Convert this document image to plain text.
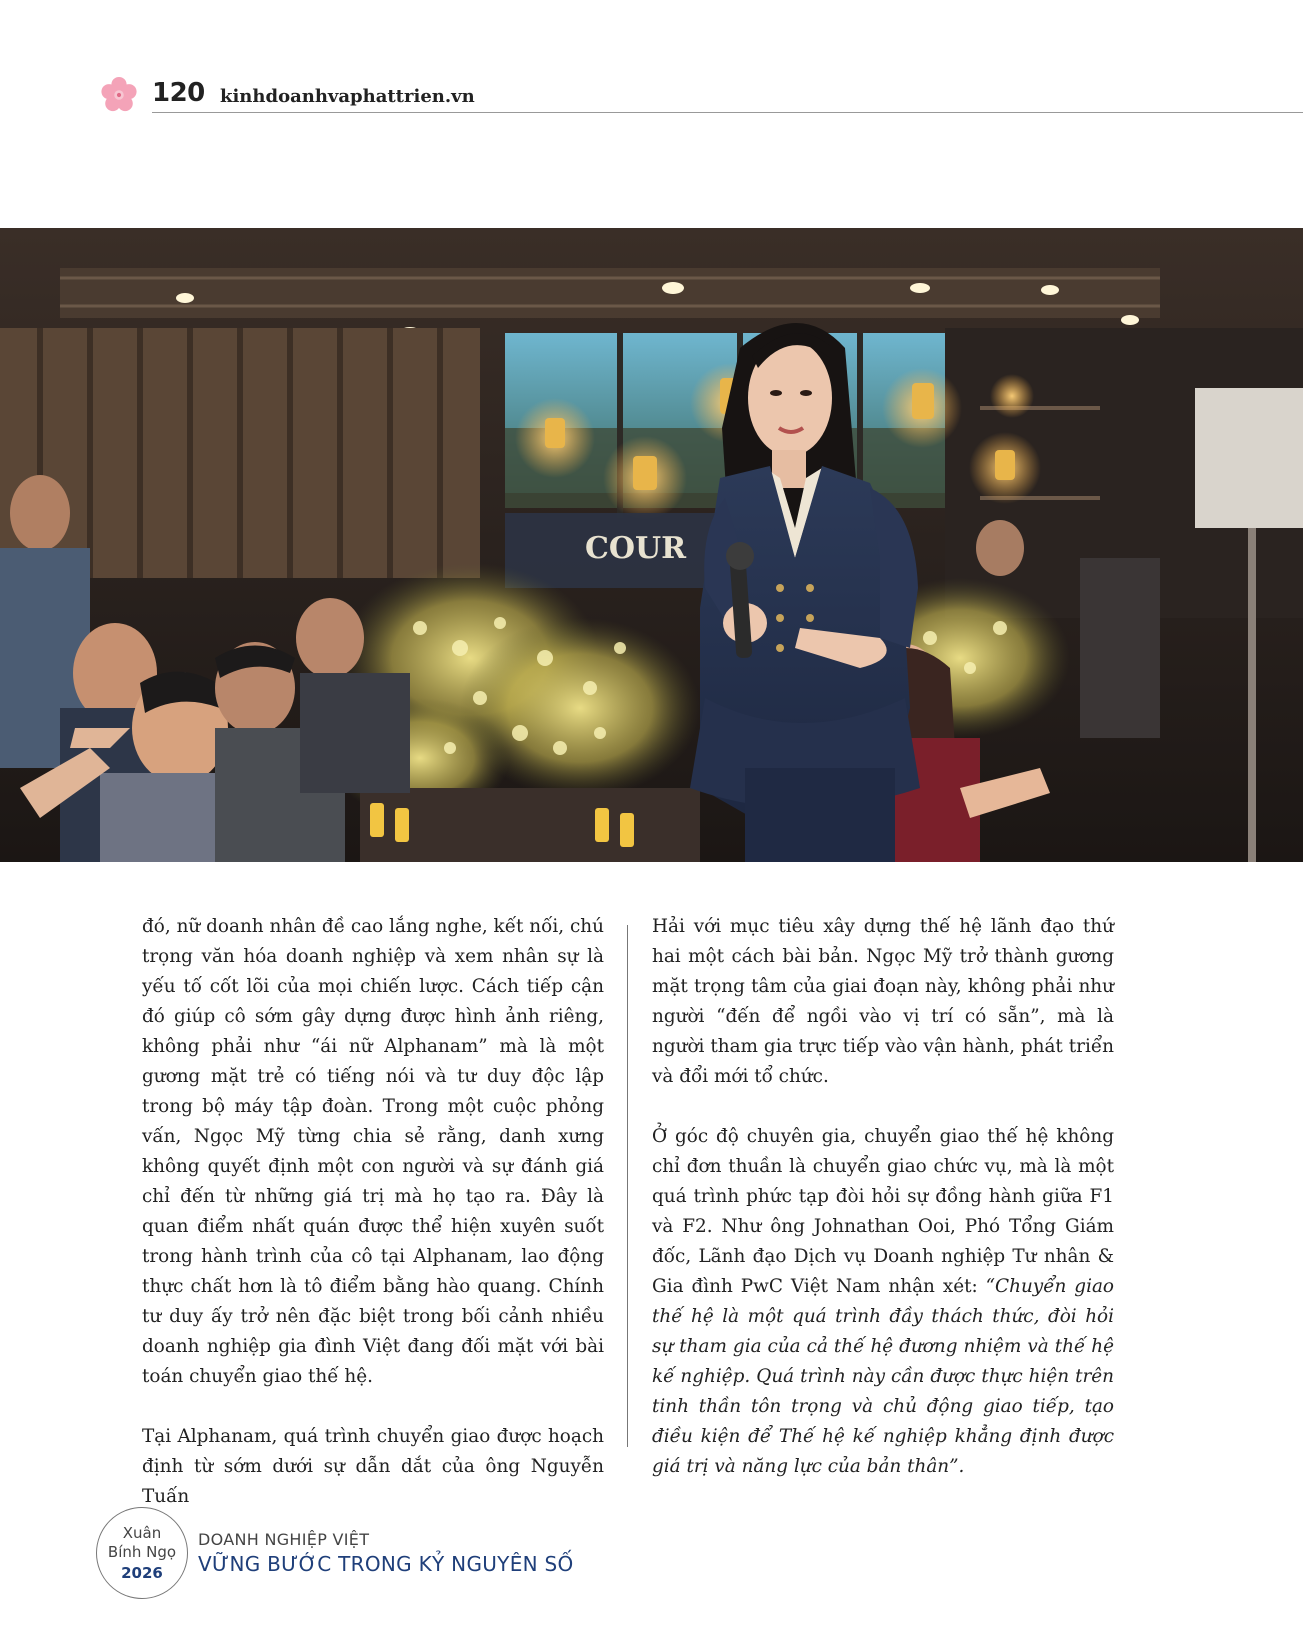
120 kinhdoanhvaphattrien.vn
COUR

đó, nữ doanh nhân đề cao lắng nghe, kết nối, chú trọng văn hóa doanh nghiệp và xem nhân sự là yếu tố cốt lõi của mọi chiến lược. Cách tiếp cận đó giúp cô sớm gây dựng được hình ảnh riêng, không phải như “ái nữ Alphanam” mà là một gương mặt trẻ có tiếng nói và tư duy độc lập trong bộ máy tập đoàn. Trong một cuộc phỏng vấn, Ngọc Mỹ từng chia sẻ rằng, danh xưng không quyết định một con người và sự đánh giá chỉ đến từ những giá trị mà họ tạo ra. Đây là quan điểm nhất quán được thể hiện xuyên suốt trong hành trình của cô tại Alphanam, lao động thực chất hơn là tô điểm bằng hào quang. Chính tư duy ấy trở nên đặc biệt trong bối cảnh nhiều doanh nghiệp gia đình Việt đang đối mặt với bài toán chuyển giao thế hệ.

Tại Alphanam, quá trình chuyển giao được hoạch định từ sớm dưới sự dẫn dắt của ông Nguyễn Tuấn

Hải với mục tiêu xây dựng thế hệ lãnh đạo thứ hai một cách bài bản. Ngọc Mỹ trở thành gương mặt trọng tâm của giai đoạn này, không phải như người “đến để ngồi vào vị trí có sẵn”, mà là người tham gia trực tiếp vào vận hành, phát triển và đổi mới tổ chức.

Ở góc độ chuyên gia, chuyển giao thế hệ không chỉ đơn thuần là chuyển giao chức vụ, mà là một quá trình phức tạp đòi hỏi sự đồng hành giữa F1 và F2. Như ông Johnathan Ooi, Phó Tổng Giám đốc, Lãnh đạo Dịch vụ Doanh nghiệp Tư nhân & Gia đình PwC Việt Nam nhận xét: “Chuyển giao thế hệ là một quá trình đầy thách thức, đòi hỏi sự tham gia của cả thế hệ đương nhiệm và thế hệ kế nghiệp. Quá trình này cần được thực hiện trên tinh thần tôn trọng và chủ động giao tiếp, tạo điều kiện để Thế hệ kế nghiệp khẳng định được giá trị và năng lực của bản thân”.

Xuân
Bính Ngọ
2026
DOANH NGHIỆP VIỆT
VỮNG BƯỚC TRONG KỶ NGUYÊN SỐ
